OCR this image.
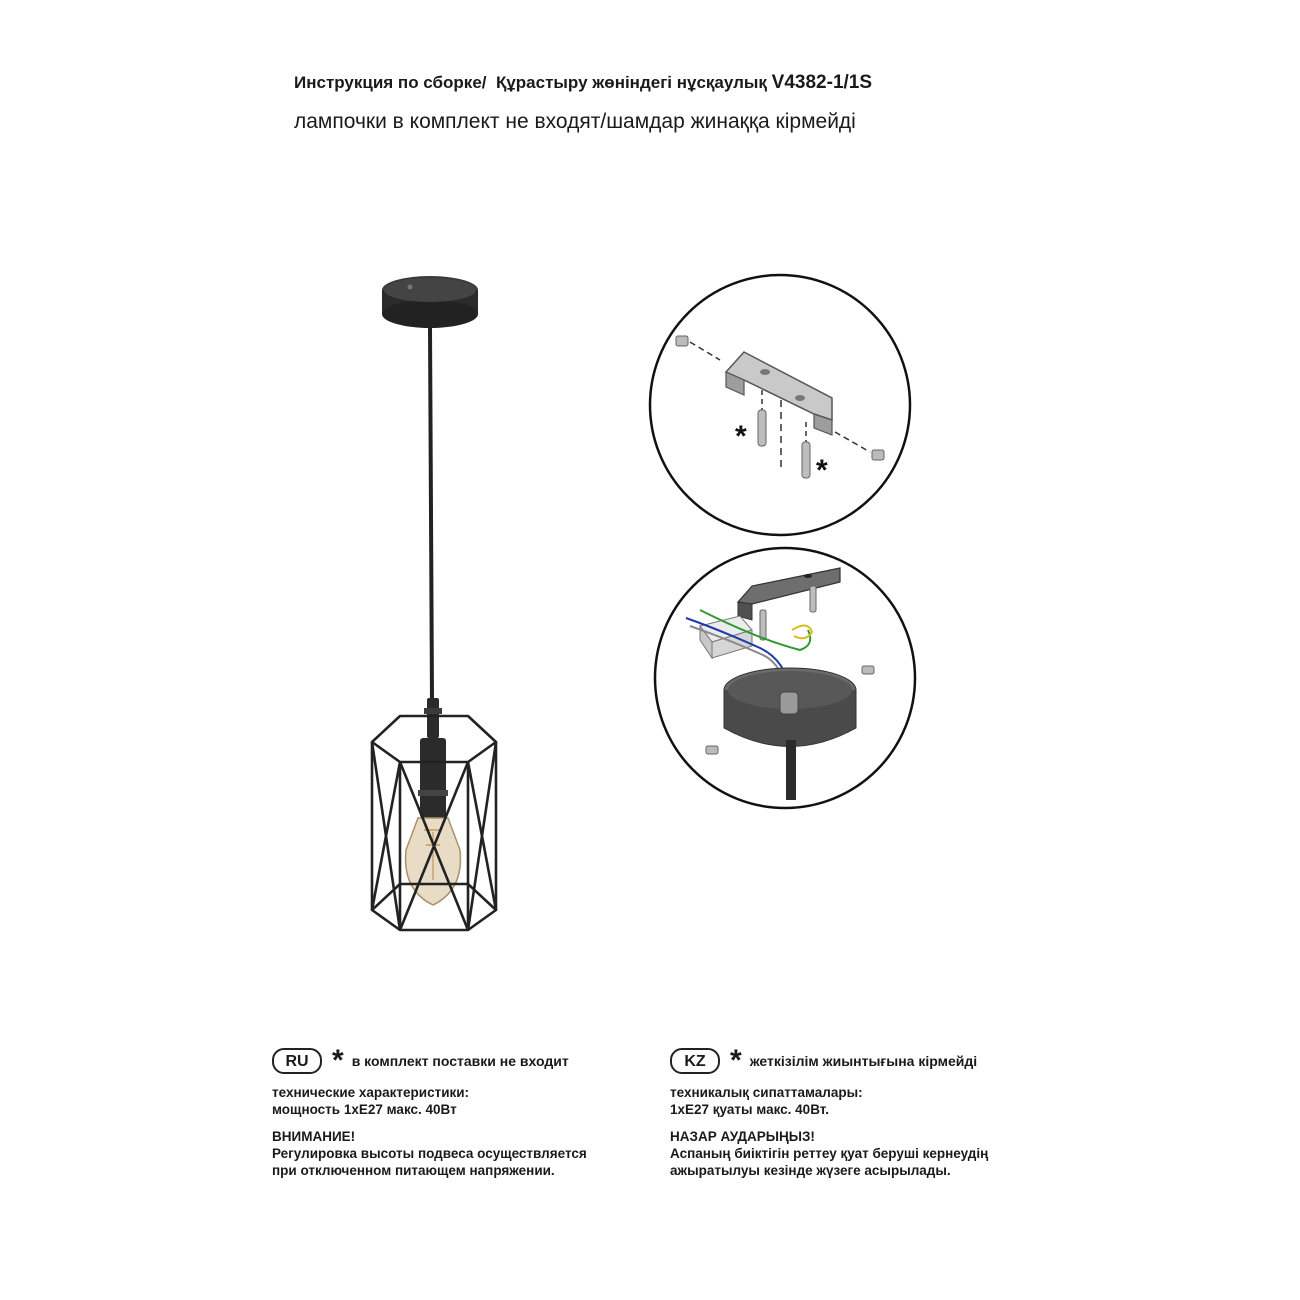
Инструкция по сборке/ Құрастыру жөніндегі нұсқаулық V4382-1/1S
лампочки в комплект не входят/шамдар жинаққа кірмейді
*
*
RU * в комплект поставки не входит
технические характеристики:
мощность 1хЕ27 макс. 40Вт
ВНИМАНИЕ!
Регулировка высоты подвеса осуществляется
при отключенном питающем напряжении.
KZ * жеткізілім жиынтығына кірмейді
техникалық сипаттамалары:
1хЕ27 қуаты макс. 40Вт.
НАЗАР АУДАРЫҢЫЗ!
Аспаның биіктігін реттеу қуат беруші кернеудің
ажыратылуы кезінде жүзеге асырылады.
